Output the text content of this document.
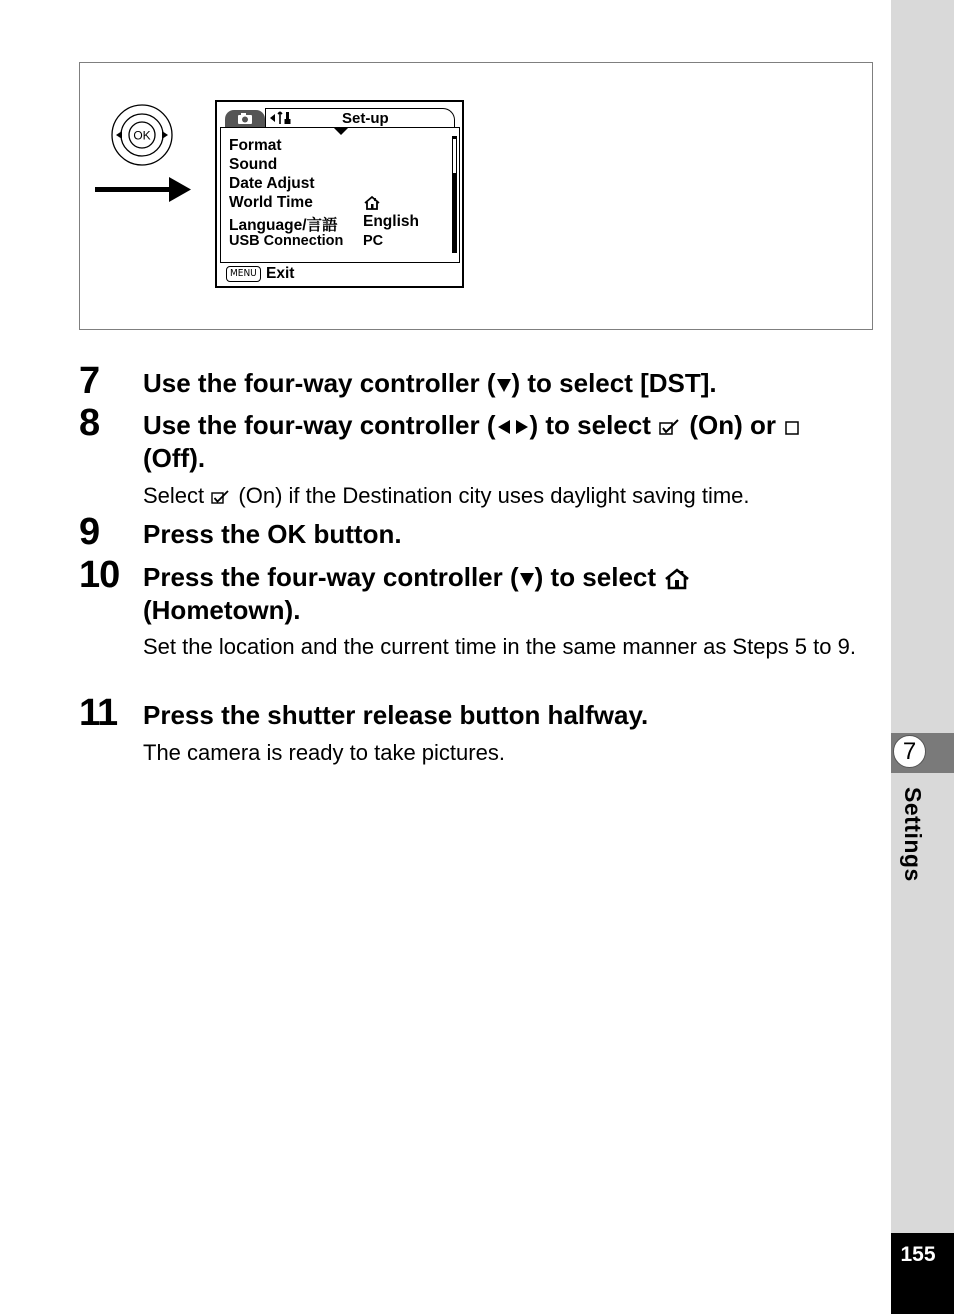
7
Settings
155
OK
Set-up
Format
Sound
Date Adjust
World Time
Language/言語 English
USB Connection PC
MENU Exit
7 Use the four-way controller ( ) to select [DST].
8 Use the four-way controller ( ) to select (On) or
(Off).
Select (On) if the Destination city uses daylight saving time.
9 Press the OK button.
10 Press the four-way controller ( ) to select
(Hometown).
Set the location and the current time in the same manner as Steps 5 to 9.
11 Press the shutter release button halfway.
The camera is ready to take pictures.
